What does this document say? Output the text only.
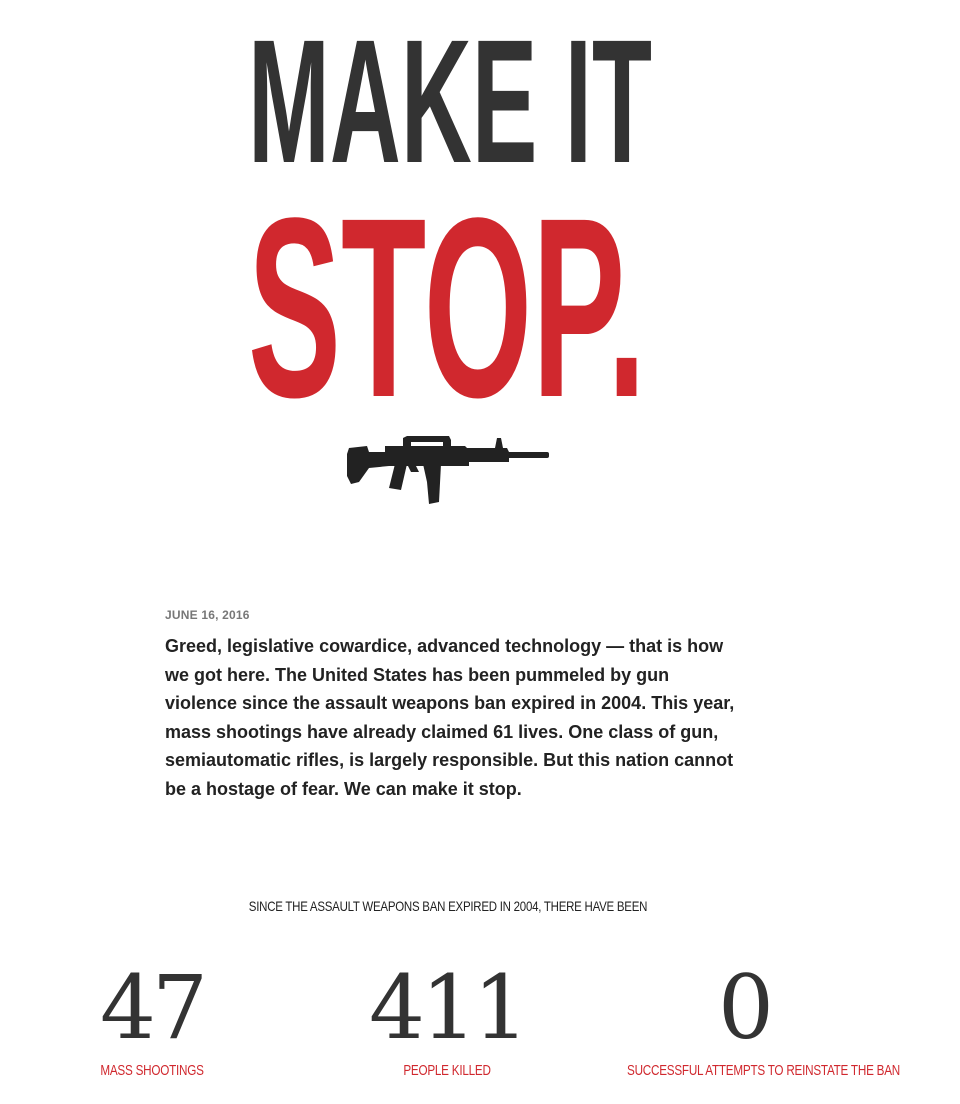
MAKE IT
STOP.

JUNE 16, 2016

Greed, legislative cowardice, advanced technology — that is how we got here. The United States has been pummeled by gun violence since the assault weapons ban expired in 2004. This year, mass shootings have already claimed 61 lives. One class of gun, semiautomatic rifles, is largely responsible. But this nation cannot be a hostage of fear. We can make it stop.

SINCE THE ASSAULT WEAPONS BAN EXPIRED IN 2004, THERE HAVE BEEN
47
MASS SHOOTINGS
411
PEOPLE KILLED
0
SUCCESSFUL ATTEMPTS TO REINSTATE THE BAN
